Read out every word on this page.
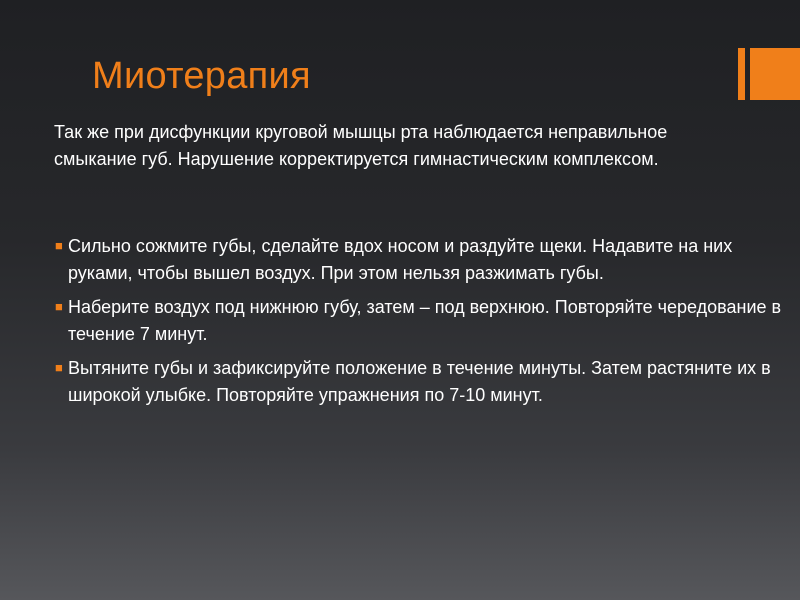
Миотерапия

Так же при дисфункции круговой мышцы рта наблюдается неправильное смыкание губ. Нарушение корректируется гимнастическим комплексом.

■ Сильно сожмите губы, сделайте вдох носом и раздуйте щеки. Надавите на них руками, чтобы вышел воздух. При этом нельзя разжимать губы.
■ Наберите воздух под нижнюю губу, затем – под верхнюю. Повторяйте чередование в течение 7 минут.
■ Вытяните губы и зафиксируйте положение в течение минуты. Затем растяните их в широкой улыбке. Повторяйте упражнения по 7-10 минут.
